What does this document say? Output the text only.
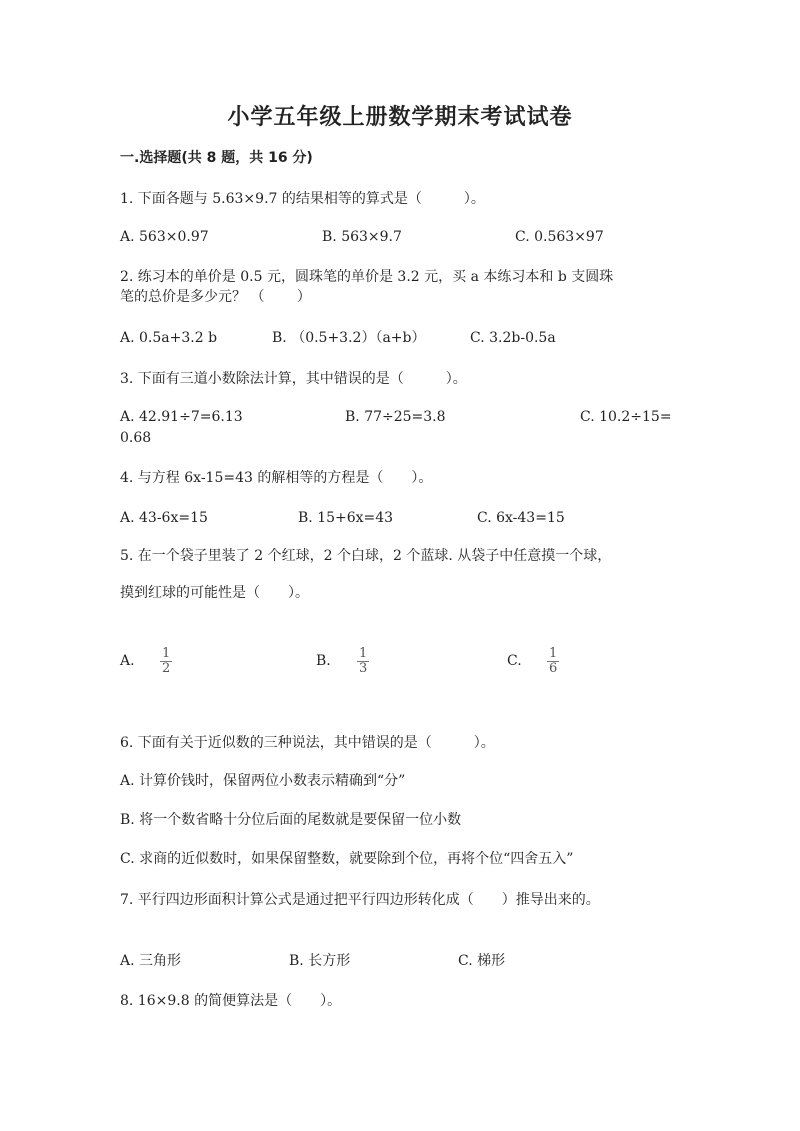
小学五年级上册数学期末考试试卷
一.选择题(共 8 题，共 16 分)
1. 下面各题与 5.63×9.7 的结果相等的算式是（　　　）。
A. 563×0.97	B. 563×9.7	C. 0.563×97
2. 练习本的单价是 0.5 元，圆珠笔的单价是 3.2 元，买 a 本练习本和 b 支圆珠
笔的总价是多少元？ （　　 ）
A. 0.5a+3.2 b	B. （0.5+3.2）（a+b）	C. 3.2b-0.5a
3. 下面有三道小数除法计算，其中错误的是（　　　）。
A. 42.91÷7=6.13	B. 77÷25=3.8	C. 10.2÷15=
0.68
4. 与方程 6x-15=43 的解相等的方程是（　　）。
A. 43-6x=15	B. 15+6x=43	C. 6x-43=15
5. 在一个袋子里装了 2 个红球，2 个白球，2 个蓝球. 从袋子中任意摸一个球，
摸到红球的可能性是（　　）。
A. $\frac{1}{2}$	B. $\frac{1}{3}$	C. $\frac{1}{6}$
6. 下面有关于近似数的三种说法，其中错误的是（　　　）。
A. 计算价钱时，保留两位小数表示精确到“分”
B. 将一个数省略十分位后面的尾数就是要保留一位小数
C. 求商的近似数时，如果保留整数，就要除到个位，再将个位“四舍五入”
7. 平行四边形面积计算公式是通过把平行四边形转化成（　　）推导出来的。
A. 三角形	B. 长方形	C. 梯形
8. 16×9.8 的简便算法是（　　）。
